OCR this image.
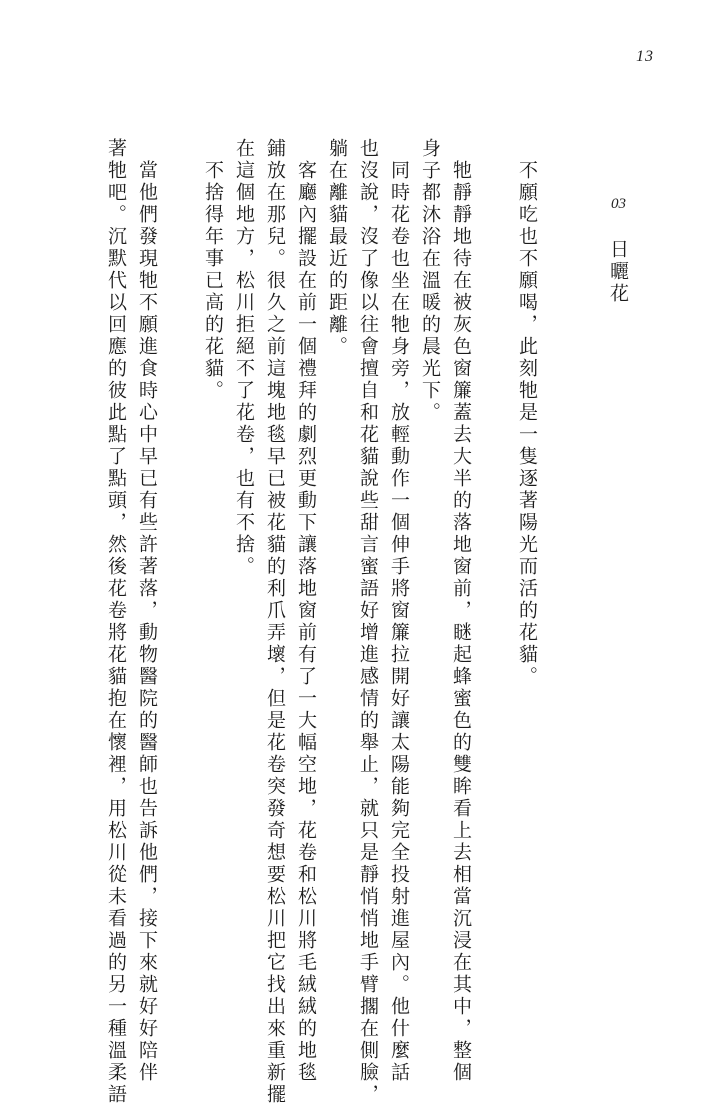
13
03
日曬花
不願吃也不願喝，此刻牠是一隻逐著陽光而活的花貓。
牠靜靜地待在被灰色窗簾蓋去大半的落地窗前，瞇起蜂蜜色的雙眸看上去相當沉浸在其中，整個
身子都沐浴在溫暖的晨光下。
同時花卷也坐在牠身旁，放輕動作一個伸手將窗簾拉開好讓太陽能夠完全投射進屋內。他什麼話
也沒說，沒了像以往會擅自和花貓說些甜言蜜語好增進感情的舉止，就只是靜悄悄地手臂擱在側臉，
躺在離貓最近的距離。
客廳內擺設在前一個禮拜的劇烈更動下讓落地窗前有了一大幅空地，花卷和松川將毛絨絨的地毯
鋪放在那兒。很久之前這塊地毯早已被花貓的利爪弄壞，但是花卷突發奇想要松川把它找出來重新擺
在這個地方，松川拒絕不了花卷，也有不捨。
不捨得年事已高的花貓。
當他們發現牠不願進食時心中早已有些許著落，動物醫院的醫師也告訴他們，接下來就好好陪伴
著牠吧。沉默代以回應的彼此點了點頭，然後花卷將花貓抱在懷裡，用松川從未看過的另一種溫柔語
